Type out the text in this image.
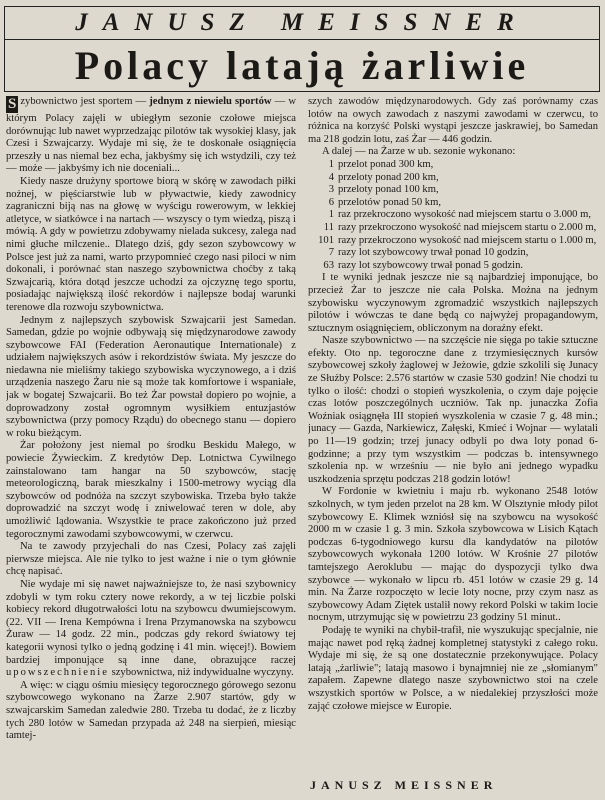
JANUSZ MEISSNER
Polacy latają żarliwie

S zybownictwo jest sportem — jednym z niewielu sportów — w którym Polacy zajęli w ubiegłym sezonie czołowe miejsca dorównując lub nawet wyprzedzając pilotów tak wysokiej klasy, jak Czesi i Szwajcarzy. Wydaje mi się, że te doskonałe osiągnięcia przeszły u nas niemal bez echa, jakbyśmy się ich wstydzili, czy też — może — jakbyśmy ich nie doceniali...

Kiedy nasze drużyny sportowe biorą w skórę w zawodach piłki nożnej, w pięściarstwie lub w pływactwie, kiedy zawodnicy zagraniczni biją nas na głowę w wyścigu rowerowym, w lekkiej atletyce, w siatkówce i na nartach — wszyscy o tym wiedzą, piszą i mówią. A gdy w powietrzu zdobywamy nielada sukcesy, zalega nad nimi głuche milczenie.. Dlatego dziś, gdy sezon szybowcowy w Polsce jest już za nami, warto przypomnieć czego nasi piloci w nim dokonali, i porównać stan naszego szybownictwa choćby z taką Szwajcarią, która dotąd jeszcze uchodzi za ojczyznę tego sportu, posiadając największą ilość rekordów i najlepsze bodaj warunki terenowe dla rozwoju szybownictwa.

Jednym z najlepszych szybowisk Szwajcarii jest Samedan. Samedan, gdzie po wojnie odbywają się międzynarodowe zawody szybowcowe FAI (Federation Aeronautique Internationale) z udziałem największych asów i rekordzistów świata. My jeszcze do niedawna nie mieliśmy takiego szybowiska wyczynowego, a i dziś urządzenia naszego Żaru nie są może tak komfortowe i wspaniałe, jak w bogatej Szwajcarii. Bo też Żar powstał dopiero po wojnie, a doprowadzony został ogromnym wysiłkiem entuzjastów szybownictwa (przy pomocy Rządu) do obecnego stanu — dopiero w roku bieżącym.

Żar położony jest niemal po środku Beskidu Małego, w powiecie Żywieckim. Z kredytów Dep. Lotnictwa Cywilnego zainstalowano tam hangar na 50 szybowców, stację meteorologiczną, barak mieszkalny i 1500-metrowy wyciąg dla szybowców od podnóża na szczyt szybowiska. Trzeba było także doprowadzić na szczyt wodę i zniwelować teren w dole, aby umożliwić lądowania. Wszystkie te prace zakończono już przed tegorocznymi zawodami szybowcowymi, w czerwcu.

Na te zawody przyjechali do nas Czesi, Polacy zaś zajęli pierwsze miejsca. Ale nie tylko to jest ważne i nie o tym głównie chcę napisać.

Nie wydaje mi się nawet najważniejsze to, że nasi szybownicy zdobyli w tym roku cztery nowe rekordy, a w tej liczbie polski kobiecy rekord długotrwałości lotu na szybowcu dwumiejscowym. (22. VII — Irena Kempówna i Irena Przymanowska na szybowcu Żuraw — 14 godz. 22 min., podczas gdy rekord światowy tej kategorii wynosi tylko o jedną godzinę i 41 min. więcej!). Bowiem bardziej imponujące są inne dane, obrazujące raczej upowszechnienie szybownictwa, niż indywidualne wyczyny.

A więc: w ciągu ośmiu miesięcy tegorocznego górowego sezonu szybowcowego wykonano na Żarze 2.907 startów, gdy w szwajcarskim Samedan zaledwie 280. Trzeba tu dodać, że z liczby tych 280 lotów w Samedan przypada aż 248 na sierpień, miesiąc tamtej-

szych zawodów międzynarodowych. Gdy zaś porównamy czas lotów na owych zawodach z naszymi zawodami w czerwcu, to różnica na korzyść Polski wystąpi jeszcze jaskrawiej, bo Samedan ma 218 godzin lotu, zaś Żar — 446 godzin.

A dalej — na Żarze w ub. sezonie wykonano:

1 przelot ponad 300 km,
4 przeloty ponad 200 km,
3 przeloty ponad 100 km,
6 przelotów ponad 50 km,
1 raz przekroczono wysokość nad miejscem startu o 3.000 m,
11 razy przekroczono wysokość nad miejscem startu o 2.000 m,
101 razy przekroczono wysokość nad miejscem startu o 1.000 m,
7 razy lot szybowcowy trwał ponad 10 godzin,
63 razy lot szybowcowy trwał ponad 5 godzin.

I te wyniki jednak jeszcze nie są najbardziej imponujące, bo przecież Żar to jeszcze nie cała Polska. Można na jednym szybowisku wyczynowym zgromadzić wszystkich najlepszych pilotów i wówczas te dane będą co najwyżej propagandowym, sztucznym osiągnięciem, obliczonym na doraźny efekt.

Nasze szybownictwo — na szczęście nie sięga po takie sztuczne efekty. Oto np. tegoroczne dane z trzymiesięcznych kursów szybowcowej szkoły żaglowej w Jeżowie, gdzie szkolili się Junacy ze Służby Polsce: 2.576 startów w czasie 530 godzin! Nie chodzi tu tylko o ilość: chodzi o stopień wyszkolenia, o czym daje pojęcie czas lotów poszczególnych uczniów. Tak np. junaczka Zofia Woźniak osiągnęła III stopień wyszkolenia w czasie 7 g. 48 min.; junacy — Gazda, Narkiewicz, Załęski, Kmieć i Wojnar — wylatali po 11—19 godzin; trzej junacy odbyli po dwa loty ponad 6-godzinne; a przy tym wszystkim — podczas b. intensywnego szkolenia np. w wrześniu — nie było ani jednego wypadku uszkodzenia sprzętu podczas 218 godzin lotów!

W Fordonie w kwietniu i maju rb. wykonano 2548 lotów szkolnych, w tym jeden przelot na 28 km. W Olsztynie młody pilot szybowcowy E. Klimek wzniósł się na szybowcu na wysokość 2000 m w czasie 1 g. 3 min. Szkoła szybowcowa w Lisich Kątach podczas 6-tygodniowego kursu dla kandydatów na pilotów szybowcowych wykonała 1200 lotów. W Krośnie 27 pilotów tamtejszego Aeroklubu — mając do dyspozycji tylko dwa szybowce — wykonało w lipcu rb. 451 lotów w czasie 29 g. 14 min. Na Żarze rozpoczęto w lecie loty nocne, przy czym nasz as szybowcowy Adam Ziętek ustalił nowy rekord Polski w takim locie nocnym, utrzymując się w powietrzu 23 godziny 51 minut..

Podaję te wyniki na chybił-trafił, nie wyszukując specjalnie, nie mając nawet pod ręką żadnej kompletnej statystyki z całego roku. Wydaje mi się, że są one dostatecznie przekonywujące. Polacy latają „żarliwie"; latają masowo i bynajmniej nie ze „słomianym" zapałem. Zapewne dlatego nasze szybownictwo stoi na czele wszystkich sportów w Polsce, a w niedalekiej przyszłości może zająć czołowe miejsce w Europie.

JANUSZ MEISSNER
